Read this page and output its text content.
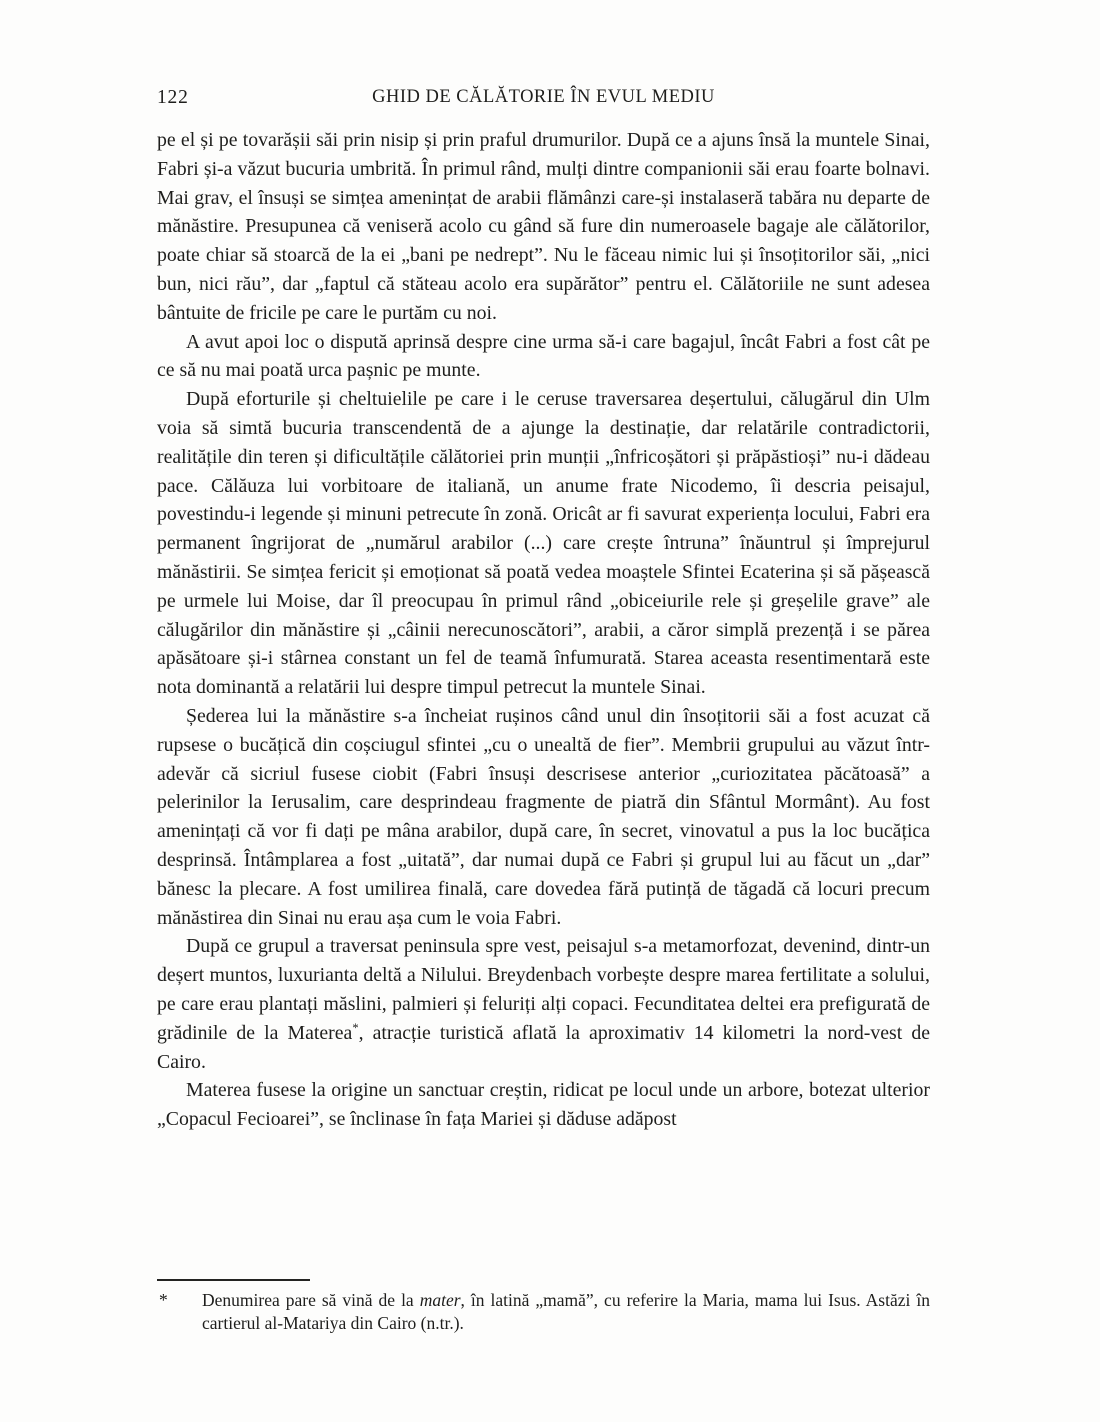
122	GHID DE CĂLĂTORIE ÎN EVUL MEDIU

pe el și pe tovarășii săi prin nisip și prin praful drumurilor. După ce a ajuns însă la muntele Sinai, Fabri și-a văzut bucuria umbrită. În primul rând, mulți dintre companionii săi erau foarte bolnavi. Mai grav, el însuși se simțea amenințat de arabii flămânzi care-și instalaseră tabăra nu departe de mănăstire. Presupunea că veniseră acolo cu gând să fure din numeroasele bagaje ale călătorilor, poate chiar să stoarcă de la ei „bani pe nedrept”. Nu le făceau nimic lui și însoțitorilor săi, „nici bun, nici rău”, dar „faptul că stăteau acolo era supărător” pentru el. Călătoriile ne sunt adesea bântuite de fricile pe care le purtăm cu noi.

A avut apoi loc o dispută aprinsă despre cine urma să-i care bagajul, încât Fabri a fost cât pe ce să nu mai poată urca pașnic pe munte.

După eforturile și cheltuielile pe care i le ceruse traversarea deșertului, călugărul din Ulm voia să simtă bucuria transcendentă de a ajunge la destinație, dar relatările contradictorii, realitățile din teren și dificultățile călătoriei prin munții „înfricoșători și prăpăstioși” nu-i dădeau pace. Călăuza lui vorbitoare de italiană, un anume frate Nicodemo, îi descria peisajul, povestindu-i legende și minuni petrecute în zonă. Oricât ar fi savurat experiența locului, Fabri era permanent îngrijorat de „numărul arabilor (...) care crește întruna” înăuntrul și împrejurul mănăstirii. Se simțea fericit și emoționat să poată vedea moaștele Sfintei Ecaterina și să pășească pe urmele lui Moise, dar îl preocupau în primul rând „obiceiurile rele și greșelile grave” ale călugărilor din mănăstire și „câinii nerecunoscători”, arabii, a căror simplă prezență i se părea apăsătoare și-i stârnea constant un fel de teamă înfumurată. Starea aceasta resentimentară este nota dominantă a relatării lui despre timpul petrecut la muntele Sinai.

Șederea lui la mănăstire s-a încheiat rușinos când unul din însoțitorii săi a fost acuzat că rupsese o bucățică din coșciugul sfintei „cu o unealtă de fier”. Membrii grupului au văzut într-adevăr că sicriul fusese ciobit (Fabri însuși descrisese anterior „curiozitatea păcătoasă” a pelerinilor la Ierusalim, care desprindeau fragmente de piatră din Sfântul Mormânt). Au fost amenințați că vor fi dați pe mâna arabilor, după care, în secret, vinovatul a pus la loc bucățica desprinsă. Întâmplarea a fost „uitată”, dar numai după ce Fabri și grupul lui au făcut un „dar” bănesc la plecare. A fost umilirea finală, care dovedea fără putință de tăgadă că locuri precum mănăstirea din Sinai nu erau așa cum le voia Fabri.

După ce grupul a traversat peninsula spre vest, peisajul s-a metamorfozat, devenind, dintr-un deșert muntos, luxurianta deltă a Nilului. Breydenbach vorbește despre marea fertilitate a solului, pe care erau plantați măslini, palmieri și feluriți alți copaci. Fecunditatea deltei era prefigurată de grădinile de la Materea*, atracție turistică aflată la aproximativ 14 kilometri la nord-vest de Cairo.

Materea fusese la origine un sanctuar creștin, ridicat pe locul unde un arbore, botezat ulterior „Copacul Fecioarei”, se înclinase în fața Mariei și dăduse adăpost

* Denumirea pare să vină de la mater, în latină „mamă”, cu referire la Maria, mama lui Isus. Astăzi în cartierul al-Matariya din Cairo (n.tr.).
